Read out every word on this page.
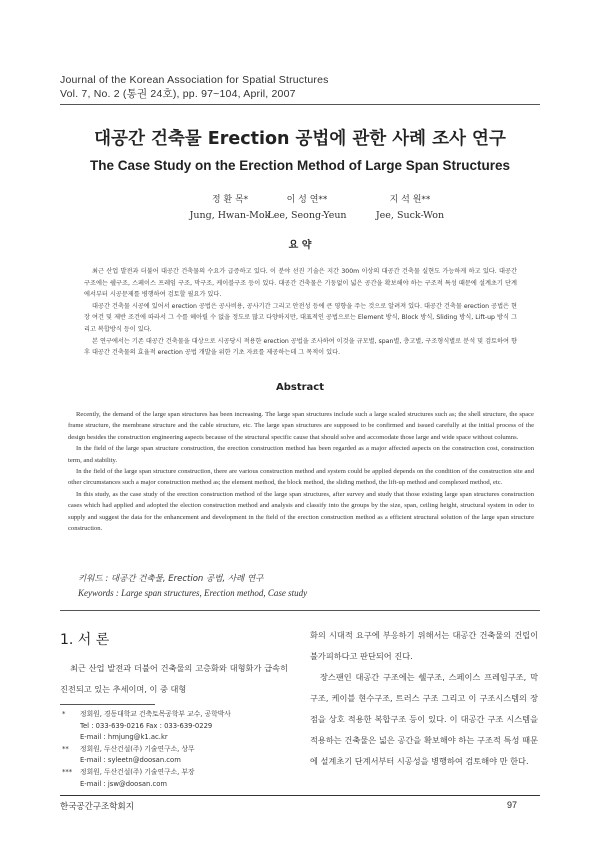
Journal of the Korean Association for Spatial Structures
Vol. 7, No. 2 (통권 24호), pp. 97~104, April, 2007
대공간 건축물 Erection 공법에 관한 사례 조사 연구
The Case Study on the Erection Method of Large Span Structures
정 환 목*
Jung, Hwan-Mok
이 성 연**
Lee, Seong-Yeun
지 석 원**
Jee, Suck-Won
요 약

최근 산업 발전과 더불어 대공간 건축물의 수요가 급증하고 있다. 이 분야 선진 기술은 지간 300m 이상의 대공간 건축물 실현도 가능하게 하고 있다. 대공간 구조에는 쉘구조, 스페이스 프레임 구조, 막구조, 케이블구조 등이 있다. 대공간 건축물은 기둥없이 넓은 공간을 확보해야 하는 구조적 특성 때문에 설계초기 단계에서부터 시공문제를 병행하여 검토할 필요가 있다.

대공간 건축물 시공에 있어서 erection 공법은 공사비용, 공사기간 그리고 안전성 등에 큰 영향을 주는 것으로 알려져 있다. 대공간 건축물 erection 공법은 현장 여건 및 제반 조건에 따라서 그 수를 헤아릴 수 없을 정도로 많고 다양하지만, 대표적인 공법으로는 Element 방식, Block 방식, Sliding 방식, Lift-up 방식 그리고 복합방식 등이 있다.

본 연구에서는 기존 대공간 건축물을 대상으로 시공당시 적용한 erection 공법을 조사하여 이것을 규모별, span별, 층고별, 구조형식별로 분석 및 검토하여 향후 대공간 건축물의 효율적 erection 공법 개발을 위한 기초 자료를 제공하는데 그 목적이 있다.

Abstract

Recently, the demand of the large span structures has been increasing. The large span structures include such a large scaled structures such as; the shell structure, the space frame structure, the membrane structure and the cable structure, etc. The large span structures are supposed to be confirmed and issued carefully at the initial process of the design besides the construction engineering aspects because of the structural specific cause that should solve and accomodate those large and wide space without columns.

In the field of the large span structure construction, the erection construction method has been regarded as a major affected aspects on the construction cost, construction term, and stability.

In the field of the large span structure construction, there are various construction method and system could be applied depends on the condition of the construction site and other circumstances such a major construction method as; the element method, the block method, the sliding method, the lift-up method and complexed method, etc.

In this study, as the case study of the erection construction method of the large span structures, after survey and study that those existing large span structures construction cases which had applied and adopted the election construction method and analysis and classify into the groups by the size, span, ceiling height, structural system in oder to supply and suggest the data for the enhancement and development in the field of the erection construction method as a efficient structural solution of the large span structure construction.

키워드 : 대공간 건축물, Erection 공법, 사례 연구
Keywords : Large span structures, Erection method, Case study
1. 서 론

최근 산업 발전과 더불어 건축물의 고층화와 대형화가 급속히 진전되고 있는 추세이며, 이 중 대형

* 정회원, 경동대학교 건축토목공학부 교수, 공학박사
Tel : 033-639-0216 Fax : 033-639-0229
E-mail : hmjung@k1.ac.kr
** 정회원, 두산건설(주) 기술연구소, 상무
E-mail : syleetn@doosan.com
*** 정회원, 두산건설(주) 기술연구소, 부장
E-mail : jsw@doosan.com

화의 시대적 요구에 부응하기 위해서는 대공간 건축물의 건립이 불가피하다고 판단되어 진다.

장스팬인 대공간 구조에는 쉘구조, 스페이스 프레임구조, 막구조, 케이블 현수구조, 트러스 구조 그리고 이 구조시스템의 장점을 상호 적용한 복합구조 등이 있다. 이 대공간 구조 시스템을 적용하는 건축물은 넓은 공간을 확보해야 하는 구조적 특성 때문에 설계초기 단계서부터 시공성을 병행하여 검토해야 만 한다.

한국공간구조학회지	97
